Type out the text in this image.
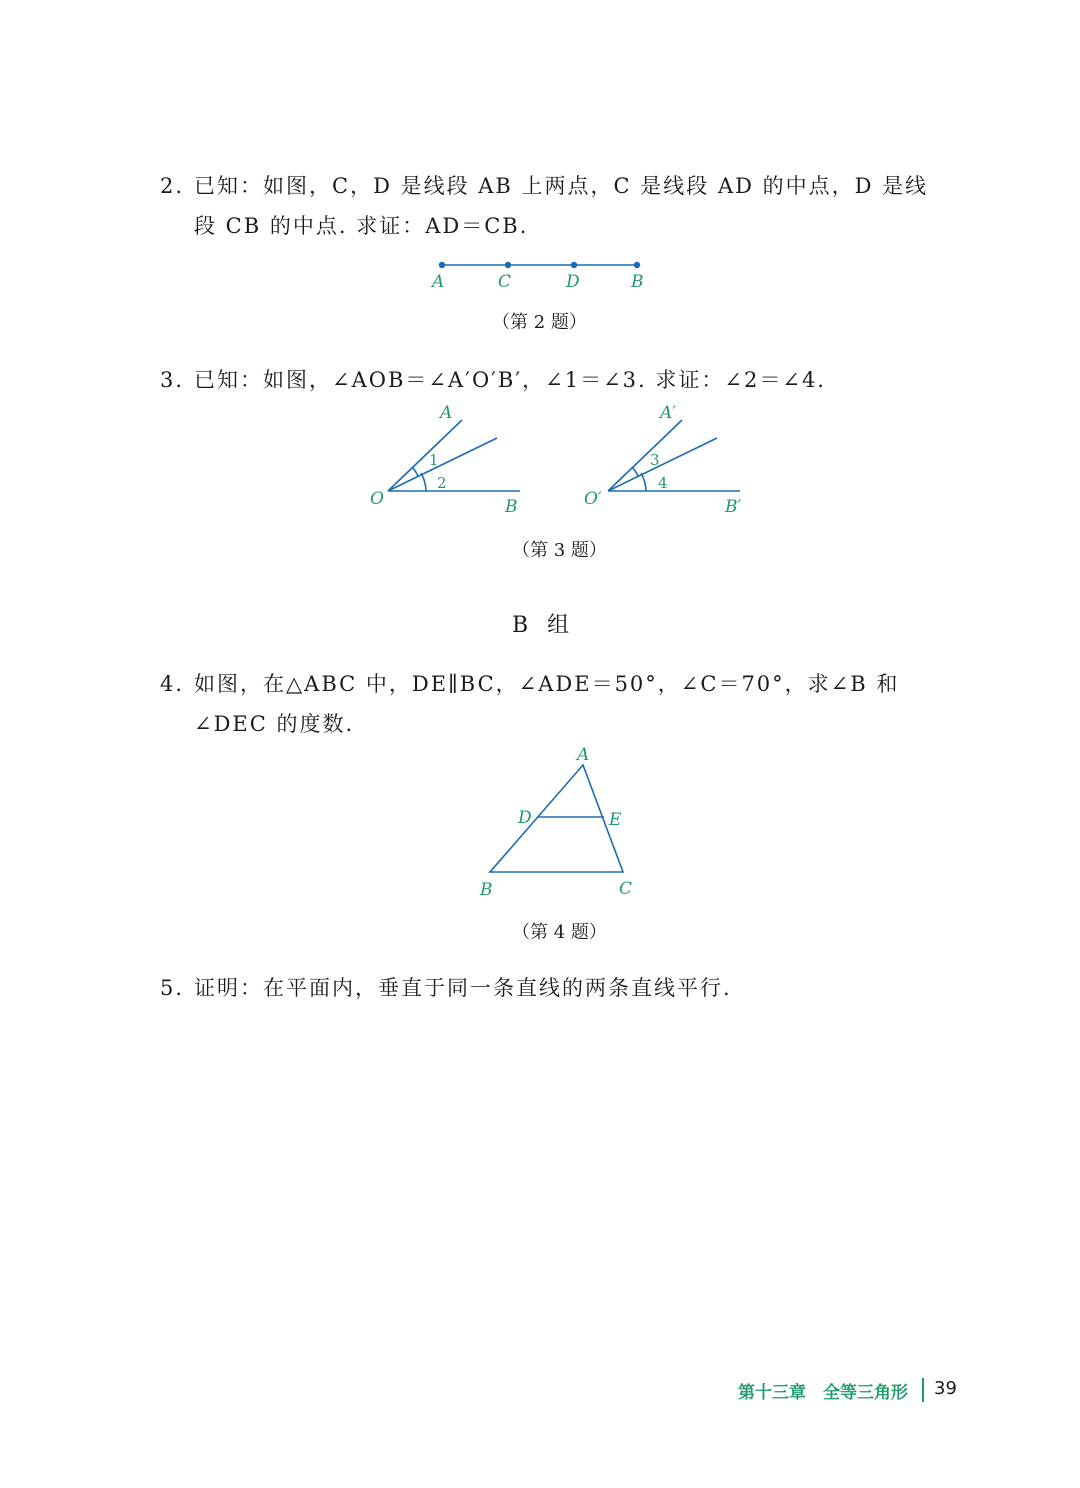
2. 已知：如图，C，D 是线段 AB 上两点，C 是线段 AD 的中点，D 是线
段 CB 的中点. 求证：AD＝CB.
A	C	D	B
（第 2 题）
3. 已知：如图，∠AOB＝∠A′O′B′，∠1＝∠3. 求证：∠2＝∠4.
A
O	B
1
2
A′
O′	B′
3
4
（第 3 题）
B 组
4. 如图，在△ABC 中，DE∥BC，∠ADE＝50°，∠C＝70°，求∠B 和
∠DEC 的度数.
A
B	C
D	E
（第 4 题）
5. 证明：在平面内，垂直于同一条直线的两条直线平行.
第十三章　全等三角形 39
